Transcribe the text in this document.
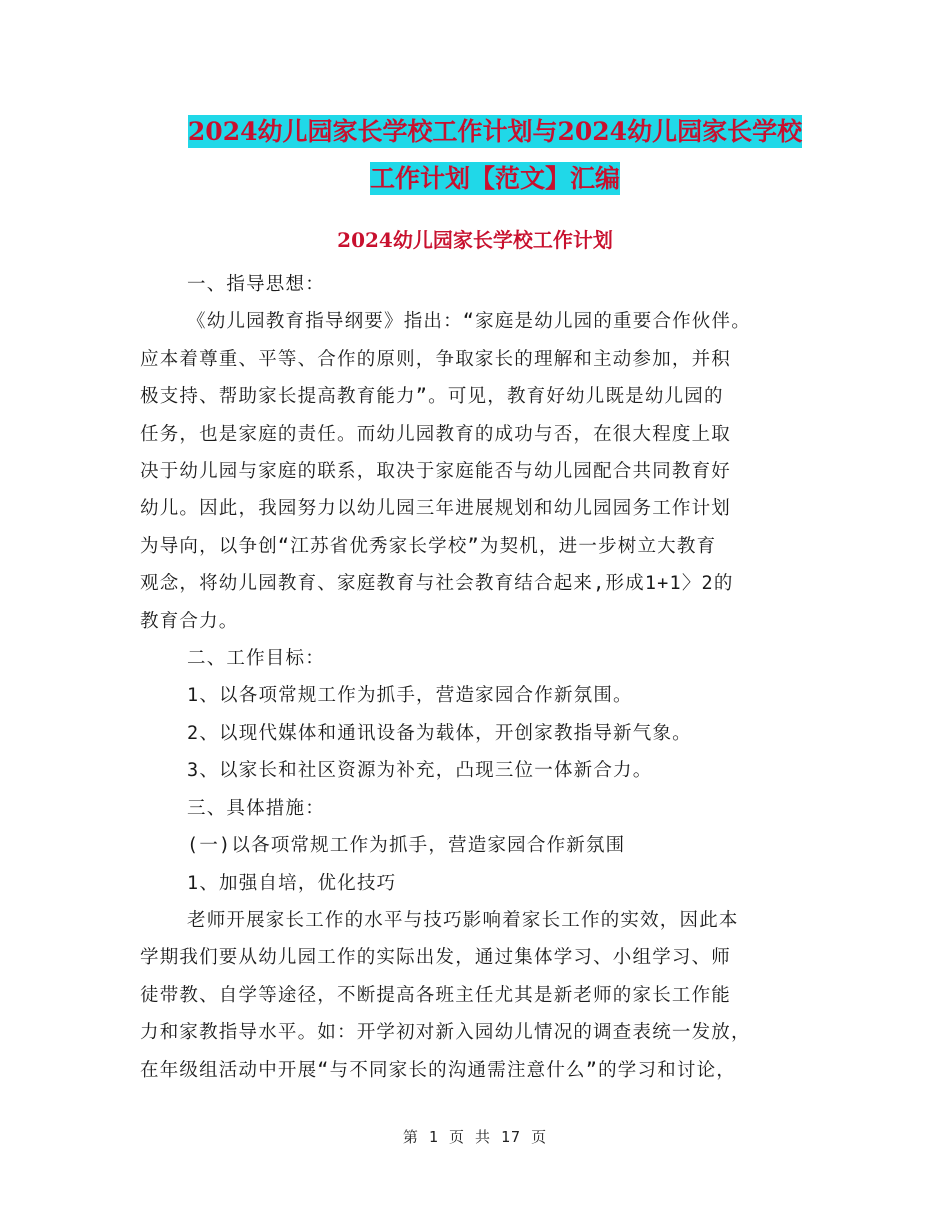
2024幼儿园家长学校工作计划与2024幼儿园家长学校
工作计划【范文】汇编
2024幼儿园家长学校工作计划

一、指导思想：

《幼儿园教育指导纲要》指出：“家庭是幼儿园的重要合作伙伴。

应本着尊重、平等、合作的原则，争取家长的理解和主动参加，并积

极支持、帮助家长提高教育能力”。可见，教育好幼儿既是幼儿园的

任务，也是家庭的责任。而幼儿园教育的成功与否，在很大程度上取

决于幼儿园与家庭的联系，取决于家庭能否与幼儿园配合共同教育好

幼儿。因此，我园努力以幼儿园三年进展规划和幼儿园园务工作计划

为导向，以争创“江苏省优秀家长学校”为契机，进一步树立大教育

观念，将幼儿园教育、家庭教育与社会教育结合起来,形成1+1〉2的

教育合力。

二、工作目标：

1、以各项常规工作为抓手，营造家园合作新氛围。

2、以现代媒体和通讯设备为载体，开创家教指导新气象。

3、以家长和社区资源为补充，凸现三位一体新合力。

三、具体措施：

(一)以各项常规工作为抓手，营造家园合作新氛围

1、加强自培，优化技巧

老师开展家长工作的水平与技巧影响着家长工作的实效，因此本

学期我们要从幼儿园工作的实际出发，通过集体学习、小组学习、师

徒带教、自学等途径，不断提高各班主任尤其是新老师的家长工作能

力和家教指导水平。如：开学初对新入园幼儿情况的调查表统一发放，

在年级组活动中开展“与不同家长的沟通需注意什么”的学习和讨论，

第 1 页 共 17 页
